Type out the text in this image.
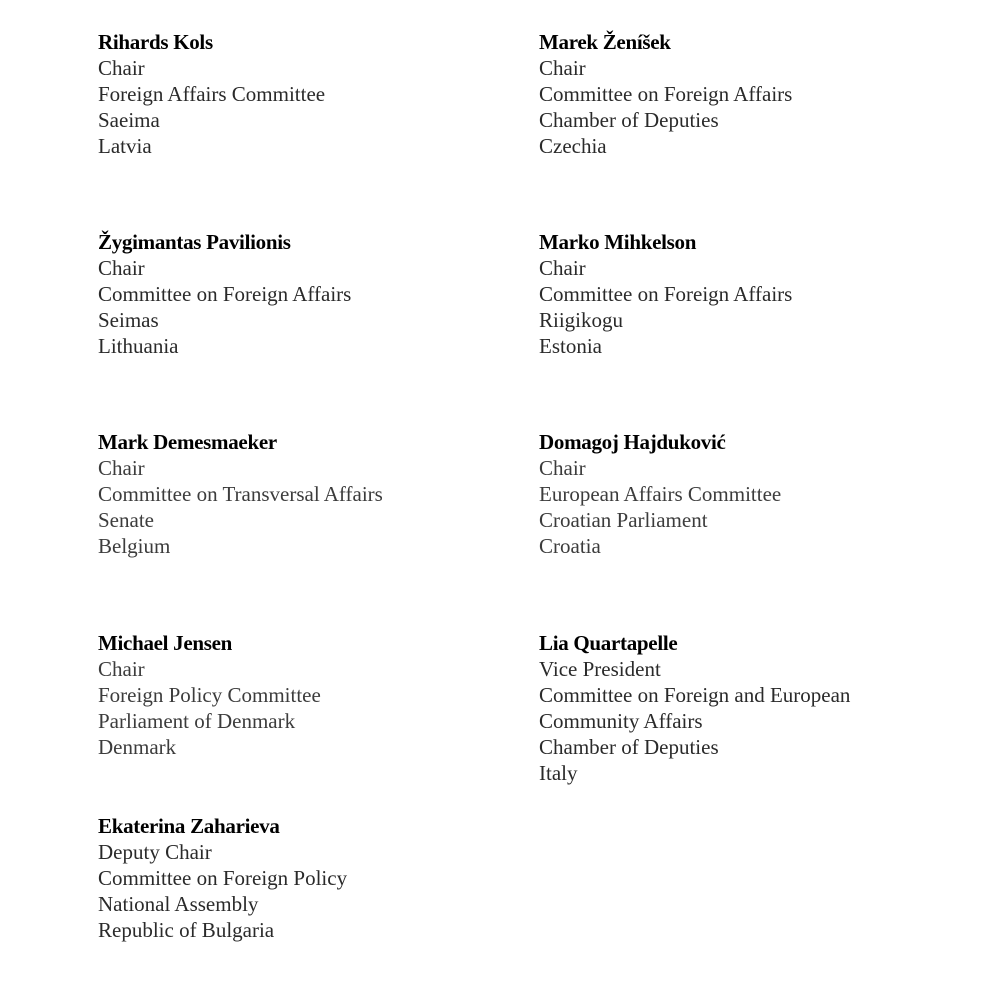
Rihards Kols
Chair
Foreign Affairs Committee
Saeima
Latvia
Marek Ženíšek
Chair
Committee on Foreign Affairs
Chamber of Deputies
Czechia
Žygimantas Pavilionis
Chair
Committee on Foreign Affairs
Seimas
Lithuania
Marko Mihkelson
Chair
Committee on Foreign Affairs
Riigikogu
Estonia
Mark Demesmaeker
Chair
Committee on Transversal Affairs
Senate
Belgium
Domagoj Hajduković
Chair
European Affairs Committee
Croatian Parliament
Croatia
Michael Jensen
Chair
Foreign Policy Committee
Parliament of Denmark
Denmark
Lia Quartapelle
Vice President
Committee on Foreign and European
Community Affairs
Chamber of Deputies
Italy
Ekaterina Zaharieva
Deputy Chair
Committee on Foreign Policy
National Assembly
Republic of Bulgaria
